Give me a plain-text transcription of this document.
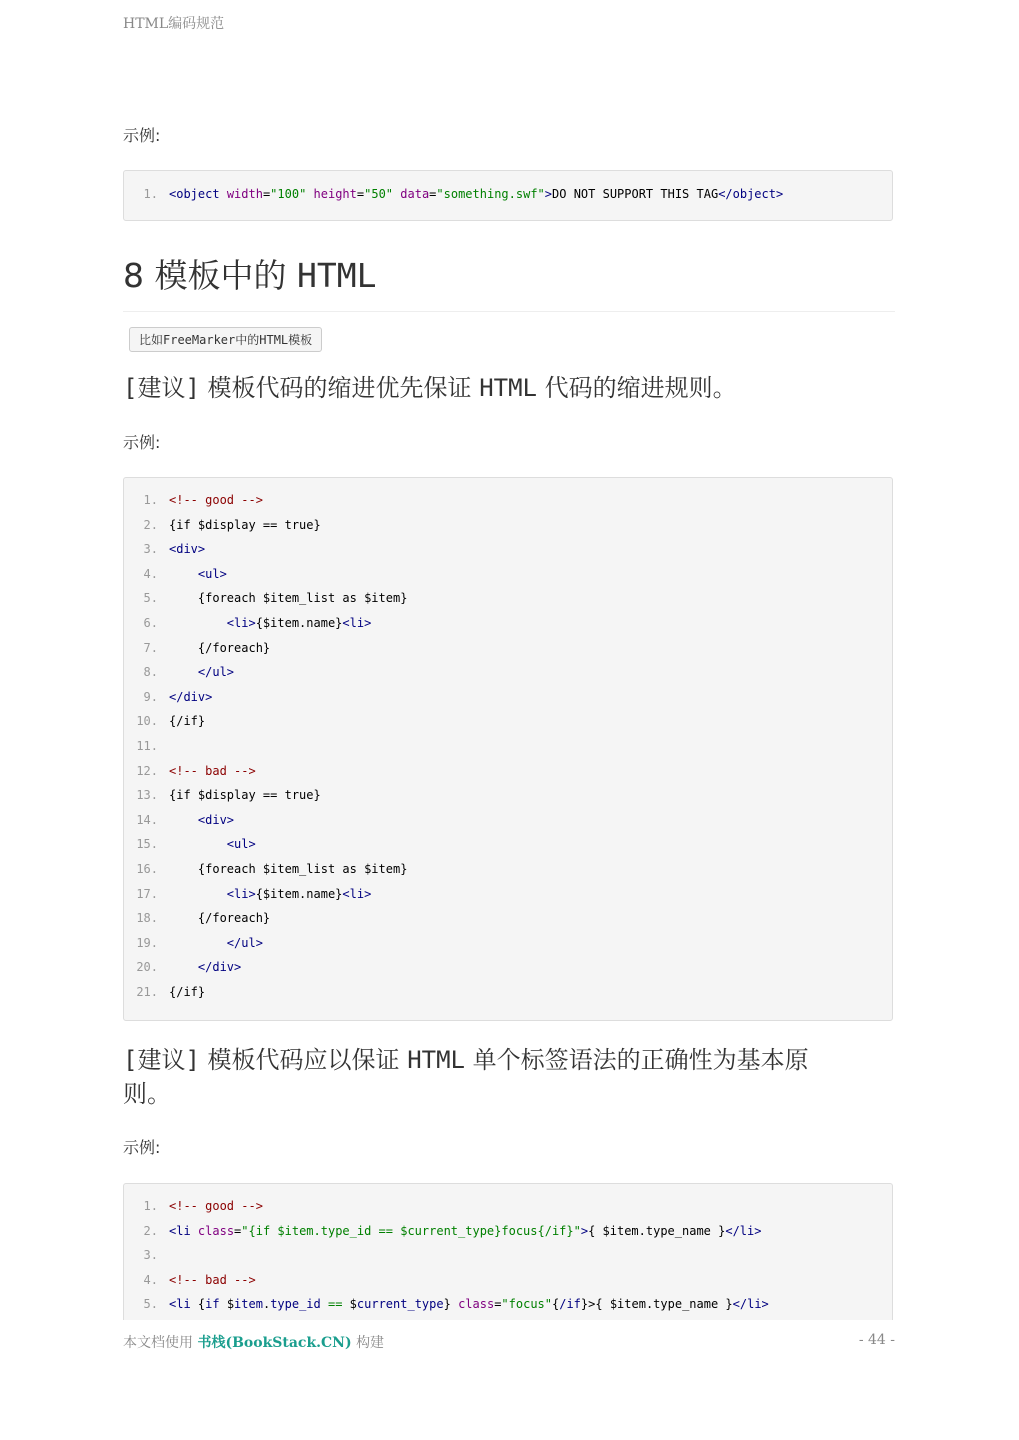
HTML编码规范
示例:
1. <object width="100" height="50" data="something.swf">DO NOT SUPPORT THIS TAG</object>
8 模板中的 HTML
比如FreeMarker中的HTML模板
[建议] 模板代码的缩进优先保证 HTML 代码的缩进规则。
示例:
1. <!-- good -->
2. {if $display == true}
3. <div>
4.	<ul>
5.    {foreach $item_list as $item}
6.	<li>{$item.name}<li>
7.    {/foreach}
8.	</ul>
9. </div>
10. {/if}
11.
12. <!-- bad -->
13. {if $display == true}
14.	<div>
15.	<ul>
16.    {foreach $item_list as $item}
17.	<li>{$item.name}<li>
18.    {/foreach}
19.	</ul>
20.	</div>
21. {/if}
[建议] 模板代码应以保证 HTML 单个标签语法的正确性为基本原
则。
示例:
1. <!-- good -->
2. <li class="{if $item.type_id == $current_type}focus{/if}">{ $item.type_name }</li>
3.
4. <!-- bad -->
5. <li {if $item.type_id == $current_type} class="focus"{/if}>{ $item.type_name }</li>
本文档使用 书栈(BookStack.CN) 构建	- 44 -
